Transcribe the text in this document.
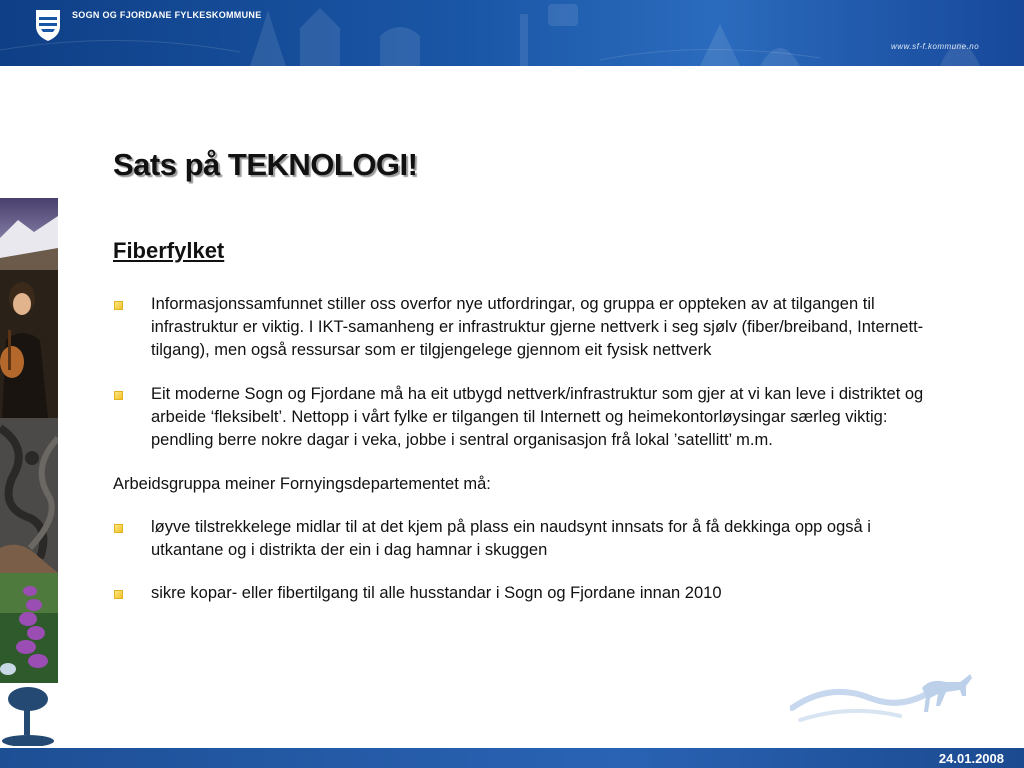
SOGN OG FJORDANE FYLKESKOMMUNE
www.sf-f.kommune.no
Sats på TEKNOLOGI!
Fiberfylket
Informasjonssamfunnet stiller oss overfor nye utfordringar, og gruppa er oppteken av at tilgangen til infrastruktur er viktig. I IKT-samanheng er infrastruktur gjerne nettverk i seg sjølv (fiber/breiband, Internett-tilgang), men også ressursar som er tilgjengelege gjennom eit fysisk nettverk
Eit moderne Sogn og Fjordane må ha eit utbygd nettverk/infrastruktur som gjer at vi kan leve i distriktet og arbeide ‘fleksibelt’. Nettopp i vårt fylke er tilgangen til Internett og heimekontorløysingar særleg viktig: pendling berre nokre dagar i veka, jobbe i sentral organisasjon frå lokal ’satellitt’ m.m.
Arbeidsgruppa meiner Fornyingsdepartementet må:
løyve tilstrekkelege midlar til at det kjem på plass ein naudsynt innsats for å få dekkinga opp også i utkantane og i distrikta der ein i dag hamnar i skuggen
sikre kopar- eller fibertilgang til alle husstandar i Sogn og Fjordane innan 2010
24.01.2008
